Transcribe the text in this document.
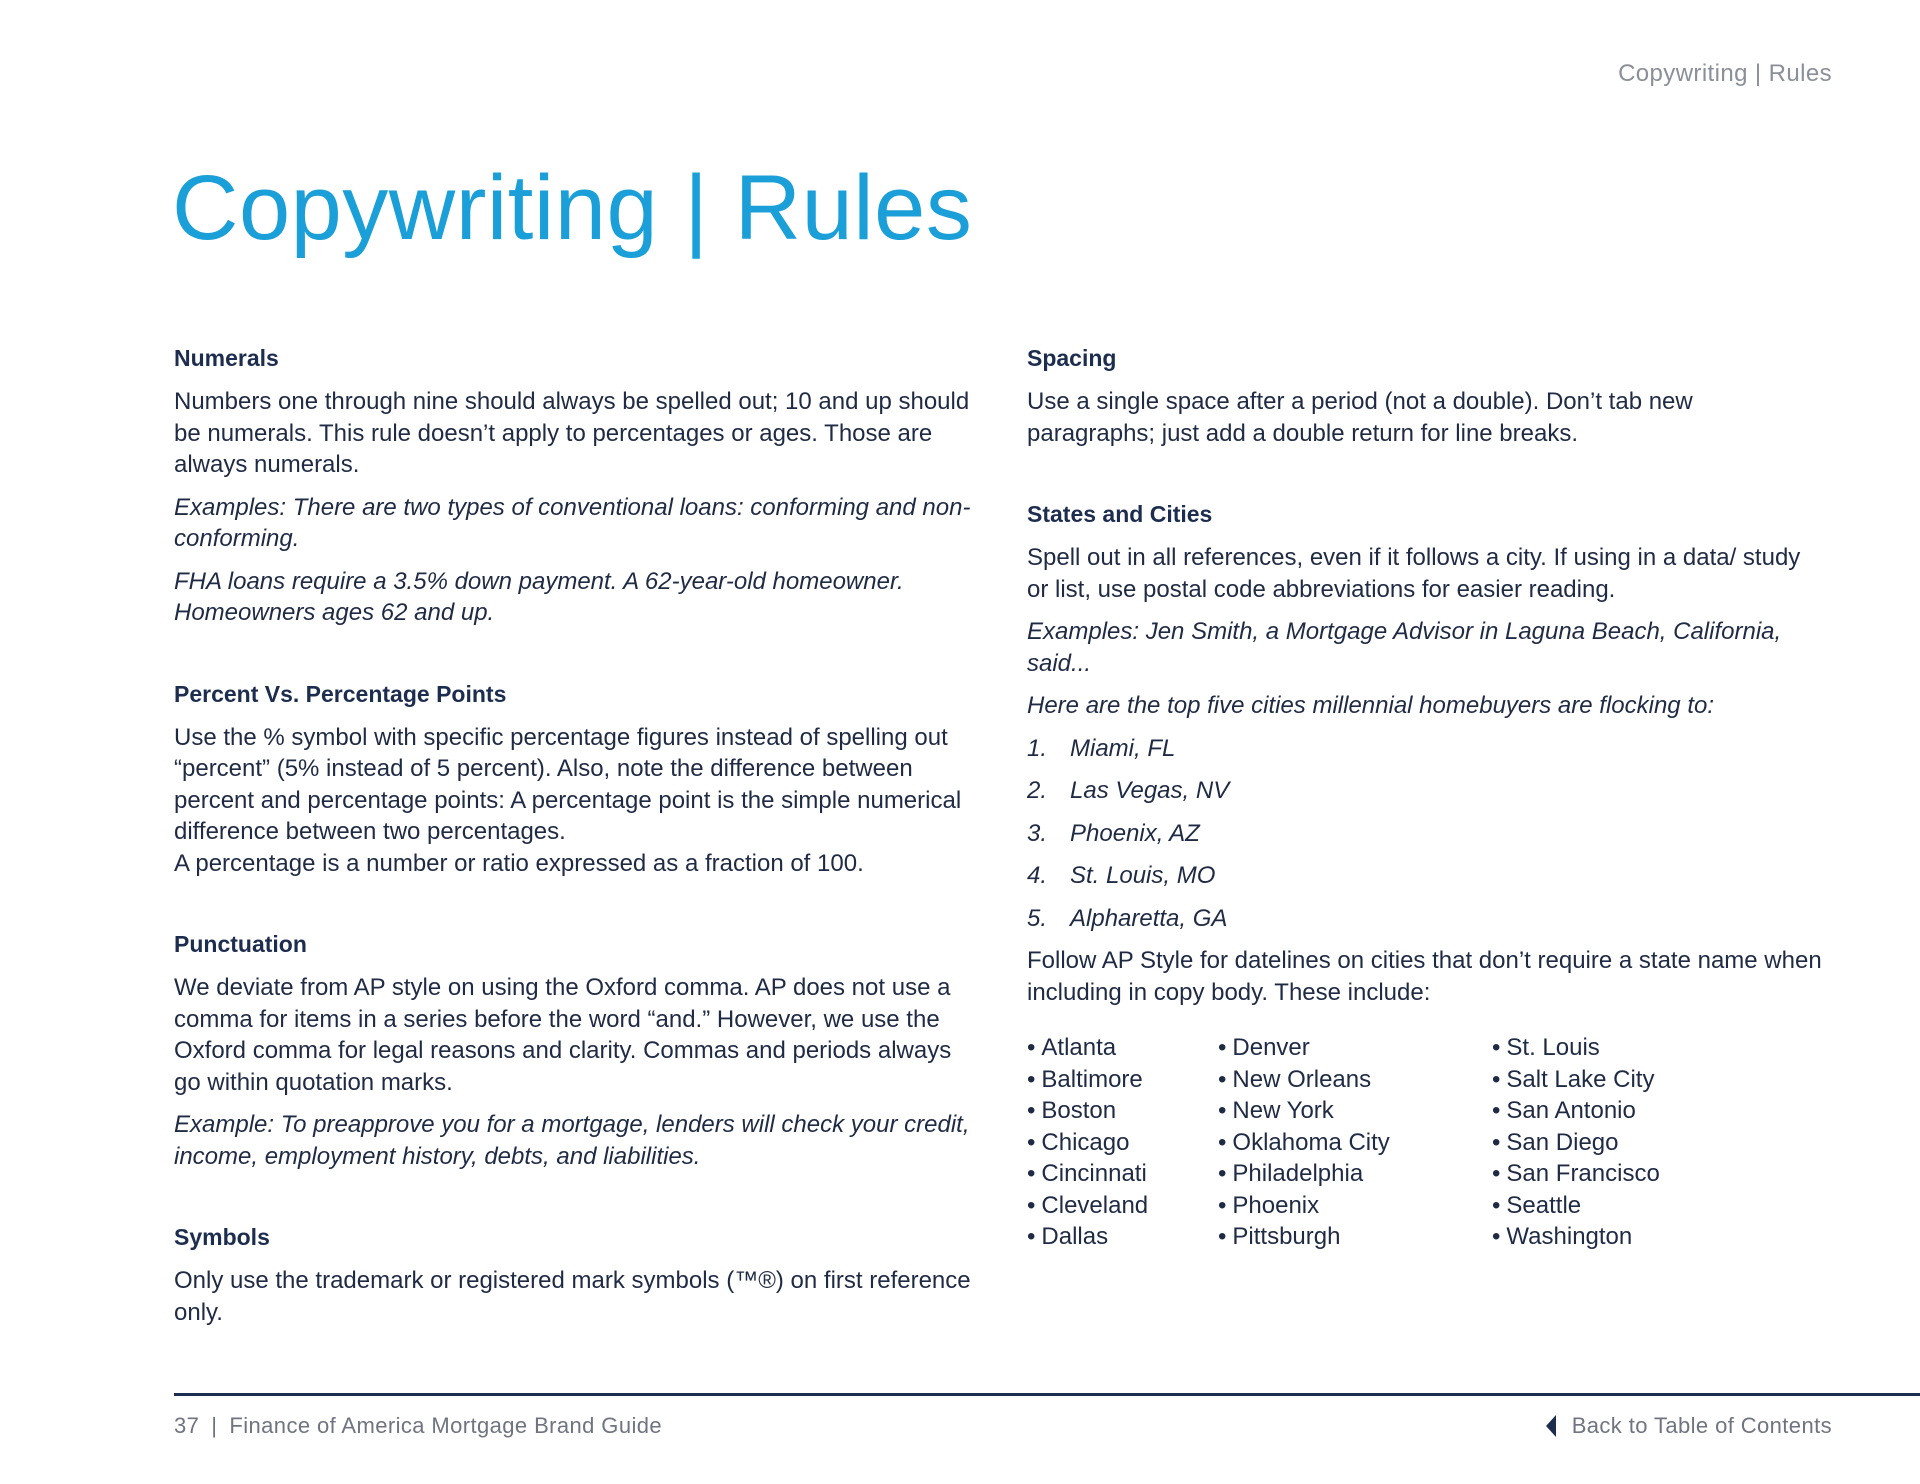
Copywriting | Rules
Copywriting | Rules
Numerals

Numbers one through nine should always be spelled out; 10 and up should be numerals. This rule doesn’t apply to percentages or ages. Those are always numerals.

Examples: There are two types of conventional loans: conforming and non-conforming.

FHA loans require a 3.5% down payment. A 62-year-old homeowner. Homeowners ages 62 and up.

Percent Vs. Percentage Points

Use the % symbol with specific percentage figures instead of spelling out “percent” (5% instead of 5 percent). Also, note the difference between percent and percentage points: A percentage point is the simple numerical difference between two percentages.

A percentage is a number or ratio expressed as a fraction of 100.

Punctuation

We deviate from AP style on using the Oxford comma. AP does not use a comma for items in a series before the word “and.” However, we use the Oxford comma for legal reasons and clarity. Commas and periods always go within quotation marks.

Example: To preapprove you for a mortgage, lenders will check your credit, income, employment history, debts, and liabilities.

Symbols

Only use the trademark or registered mark symbols (™®) on first reference only.

Spacing

Use a single space after a period (not a double). Don’t tab new paragraphs; just add a double return for line breaks.

States and Cities

Spell out in all references, even if it follows a city. If using in a data/ study or list, use postal code abbreviations for easier reading.

Examples: Jen Smith, a Mortgage Advisor in Laguna Beach, California, said...

Here are the top five cities millennial homebuyers are flocking to:

1. Miami, FL
2. Las Vegas, NV
3. Phoenix, AZ
4. St. Louis, MO
5. Alpharetta, GA

Follow AP Style for datelines on cities that don’t require a state name when including in copy body. These include:

• Atlanta
• Baltimore
• Boston
• Chicago
• Cincinnati
• Cleveland
• Dallas
• Denver
• New Orleans
• New York
• Oklahoma City
• Philadelphia
• Phoenix
• Pittsburgh
• St. Louis
• Salt Lake City
• San Antonio
• San Diego
• San Francisco
• Seattle
• Washington
37 | Finance of America Mortgage Brand Guide	Back to Table of Contents
